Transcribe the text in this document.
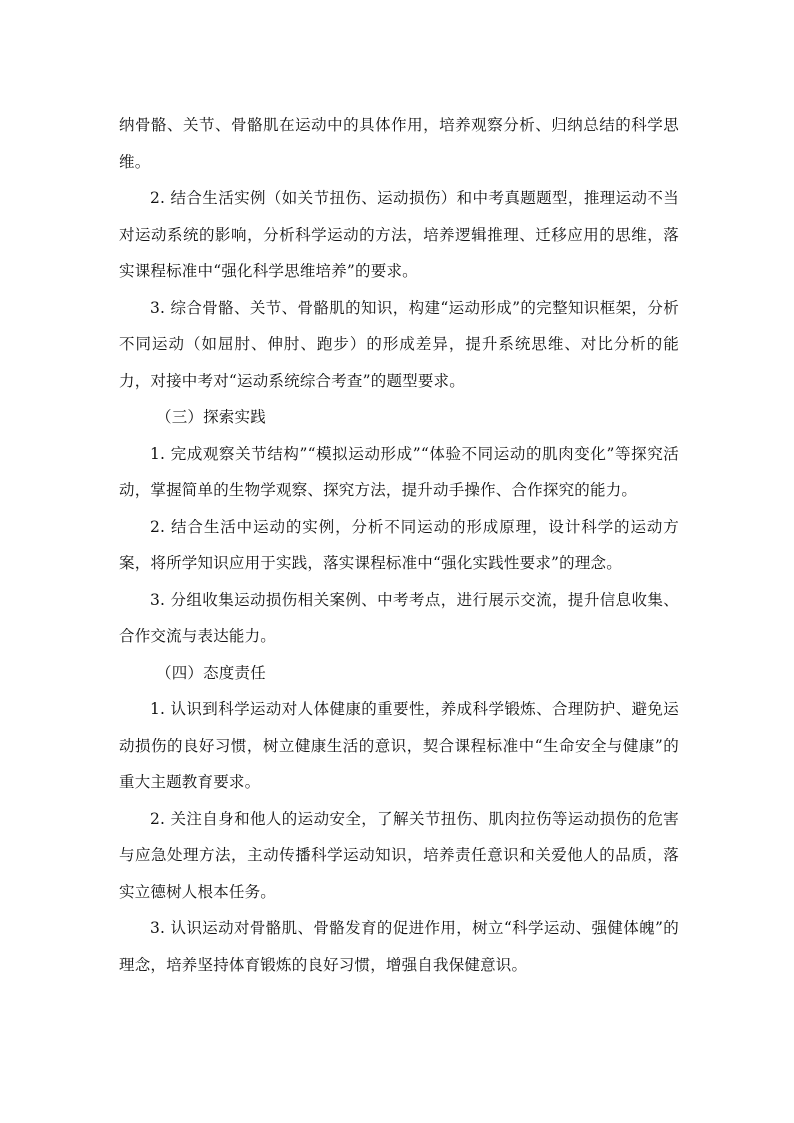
纳骨骼、关节、骨骼肌在运动中的具体作用，培养观察分析、归纳总结的科学思维。

2. 结合生活实例（如关节扭伤、运动损伤）和中考真题题型，推理运动不当对运动系统的影响，分析科学运动的方法，培养逻辑推理、迁移应用的思维，落实课程标准中“强化科学思维培养”的要求。

3. 综合骨骼、关节、骨骼肌的知识，构建“运动形成”的完整知识框架，分析不同运动（如屈肘、伸肘、跑步）的形成差异，提升系统思维、对比分析的能力，对接中考对“运动系统综合考查”的题型要求。

（三）探索实践

1. 完成观察关节结构”“模拟运动形成”“体验不同运动的肌肉变化”等探究活动，掌握简单的生物学观察、探究方法，提升动手操作、合作探究的能力。

2. 结合生活中运动的实例，分析不同运动的形成原理，设计科学的运动方案，将所学知识应用于实践，落实课程标准中“强化实践性要求”的理念。

3. 分组收集运动损伤相关案例、中考考点，进行展示交流，提升信息收集、合作交流与表达能力。

（四）态度责任

1. 认识到科学运动对人体健康的重要性，养成科学锻炼、合理防护、避免运动损伤的良好习惯，树立健康生活的意识，契合课程标准中“生命安全与健康”的重大主题教育要求。

2. 关注自身和他人的运动安全，了解关节扭伤、肌肉拉伤等运动损伤的危害与应急处理方法，主动传播科学运动知识，培养责任意识和关爱他人的品质，落实立德树人根本任务。

3. 认识运动对骨骼肌、骨骼发育的促进作用，树立“科学运动、强健体魄”的理念，培养坚持体育锻炼的良好习惯，增强自我保健意识。
